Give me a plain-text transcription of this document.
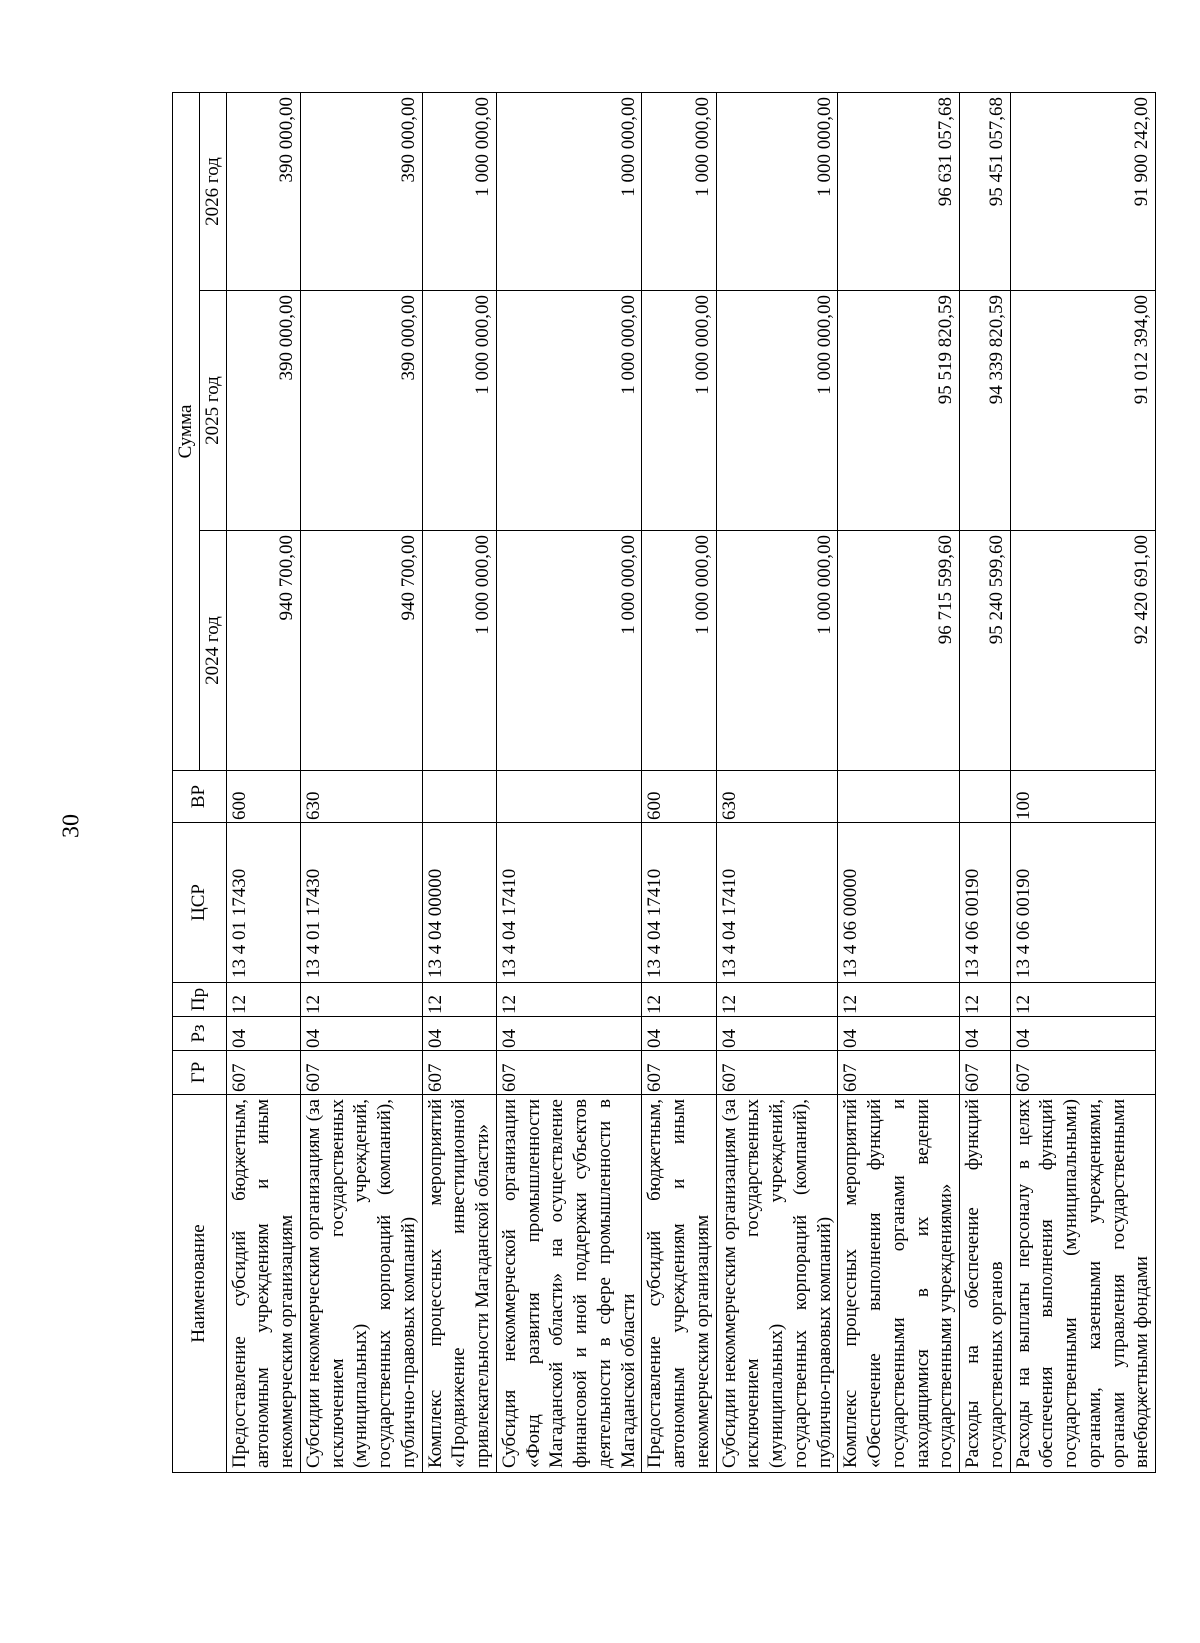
30
Наименование	ГР	Рз	Пр	ЦСР	ВР	Сумма		
						2024 год	2025 год	2026 год
Предоставление субсидий бюджетным, автономным учреждениям и иным некоммерческим организациям	607	04	12	13 4 01 17430	600	940 700,00	390 000,00	390 000,00
Субсидии некоммерческим организациям (за исключением государственных (муниципальных) учреждений, государственных корпораций (компаний), публично-правовых компаний)	607	04	12	13 4 01 17430	630	940 700,00	390 000,00	390 000,00
Комплекс процессных мероприятий «Продвижение инвестиционной привлекательности Магаданской области»	607	04	12	13 4 04 00000		1 000 000,00	1 000 000,00	1 000 000,00
Субсидия некоммерческой организации «Фонд развития промышленности Магаданской области» на осуществление финансовой и иной поддержки субъектов деятельности в сфере промышленности в Магаданской области	607	04	12	13 4 04 17410		1 000 000,00	1 000 000,00	1 000 000,00
Предоставление субсидий бюджетным, автономным учреждениям и иным некоммерческим организациям	607	04	12	13 4 04 17410	600	1 000 000,00	1 000 000,00	1 000 000,00
Субсидии некоммерческим организациям (за исключением государственных (муниципальных) учреждений, государственных корпораций (компаний), публично-правовых компаний)	607	04	12	13 4 04 17410	630	1 000 000,00	1 000 000,00	1 000 000,00
Комплекс процессных мероприятий «Обеспечение выполнения функций государственными органами и находящимися в их ведении государственными учреждениями»	607	04	12	13 4 06 00000		96 715 599,60	95 519 820,59	96 631 057,68
Расходы на обеспечение функций государственных органов	607	04	12	13 4 06 00190		95 240 599,60	94 339 820,59	95 451 057,68
Расходы на выплаты персоналу в целях обеспечения выполнения функций государственными (муниципальными) органами, казенными учреждениями, органами управления государственными внебюджетными фондами	607	04	12	13 4 06 00190	100	92 420 691,00	91 012 394,00	91 900 242,00
